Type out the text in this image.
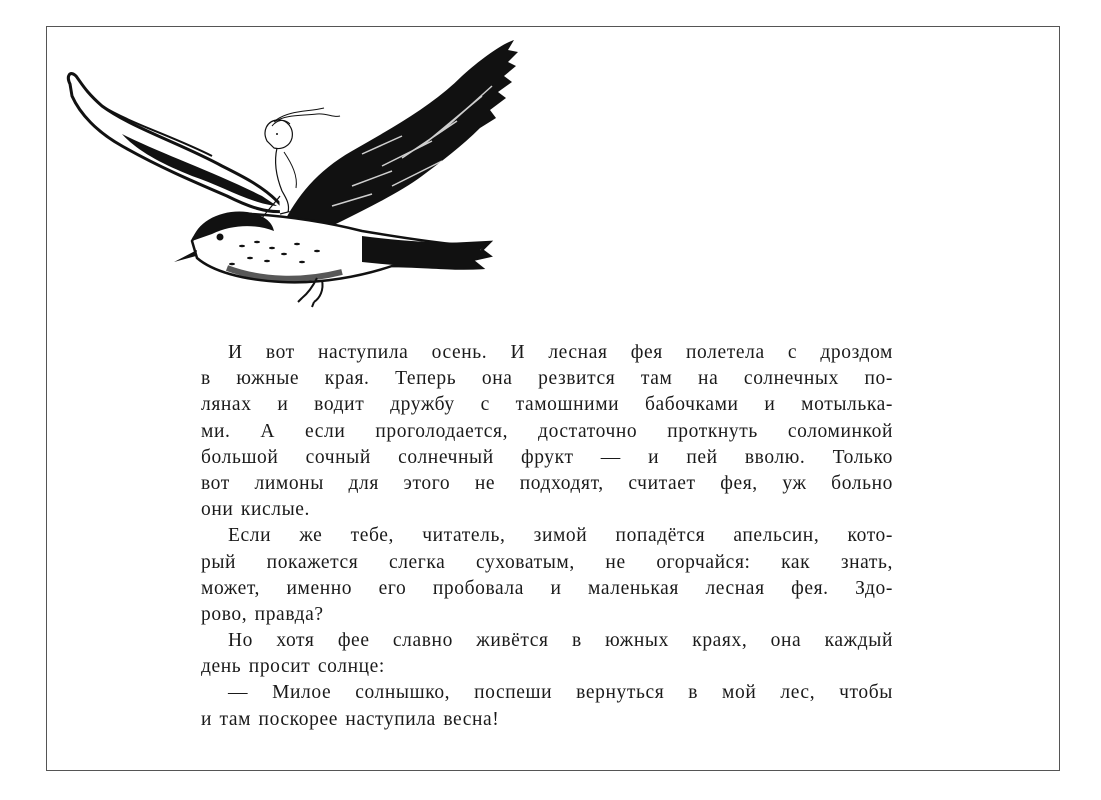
И вот наступила осень. И лесная фея полетела с дроздом
в южные края. Теперь она резвится там на солнечных по-
лянах и водит дружбу с тамошними бабочками и мотылька-
ми. А если проголодается, достаточно проткнуть соломинкой
большой сочный солнечный фрукт — и пей вволю. Только
вот лимоны для этого не подходят, считает фея, уж больно
они кислые.
Если же тебе, читатель, зимой попадётся апельсин, кото-
рый покажется слегка суховатым, не огорчайся: как знать,
может, именно его пробовала и маленькая лесная фея. Здо-
рово, правда?
Но хотя фее славно живётся в южных краях, она каждый
день просит солнце:
— Милое солнышко, поспеши вернуться в мой лес, чтобы
и там поскорее наступила весна!
